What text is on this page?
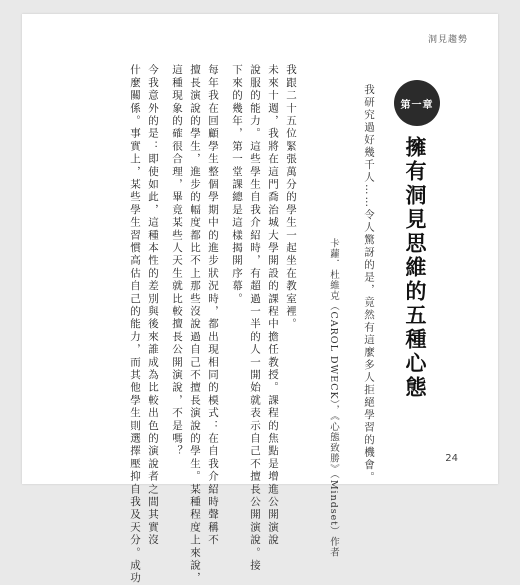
洞見趨勢
第一章
擁有洞見思維的五種心態
我研究過好幾千人……令人驚訝的是，竟然有這麼多人拒絕學習的機會。
卡蘿．杜維克（CAROL DWECK），《心態致勝》（Mindset）作者
我跟二十五位緊張萬分的學生一起坐在教室裡。
未來十週，我將在這門喬治城大學開設的課程中擔任教授。課程的焦點是增進公開演說
說服的能力。這些學生自我介紹時，有超過一半的人一開始就表示自己不擅長公開演說。接
下來的幾年，第一堂課總是這樣揭開序幕。
每年我在回顧學生整個學期中的進步狀況時，都出現相同的模式：在自我介紹時聲稱不
擅長演說的學生，進步的幅度都比不上那些沒說過自己不擅長演說的學生。某種程度上來說，
這種現象的確很合理，畢竟某些人天生就比較擅長公開演說，不是嗎？
今我意外的是：即使如此，這種本性的差別與後來誰成為比較出色的演說者之間其實沒
什麼關係。事實上，某些學生習慣高估自己的能力，而其他學生則選擇壓抑自我及天分。成功	24
